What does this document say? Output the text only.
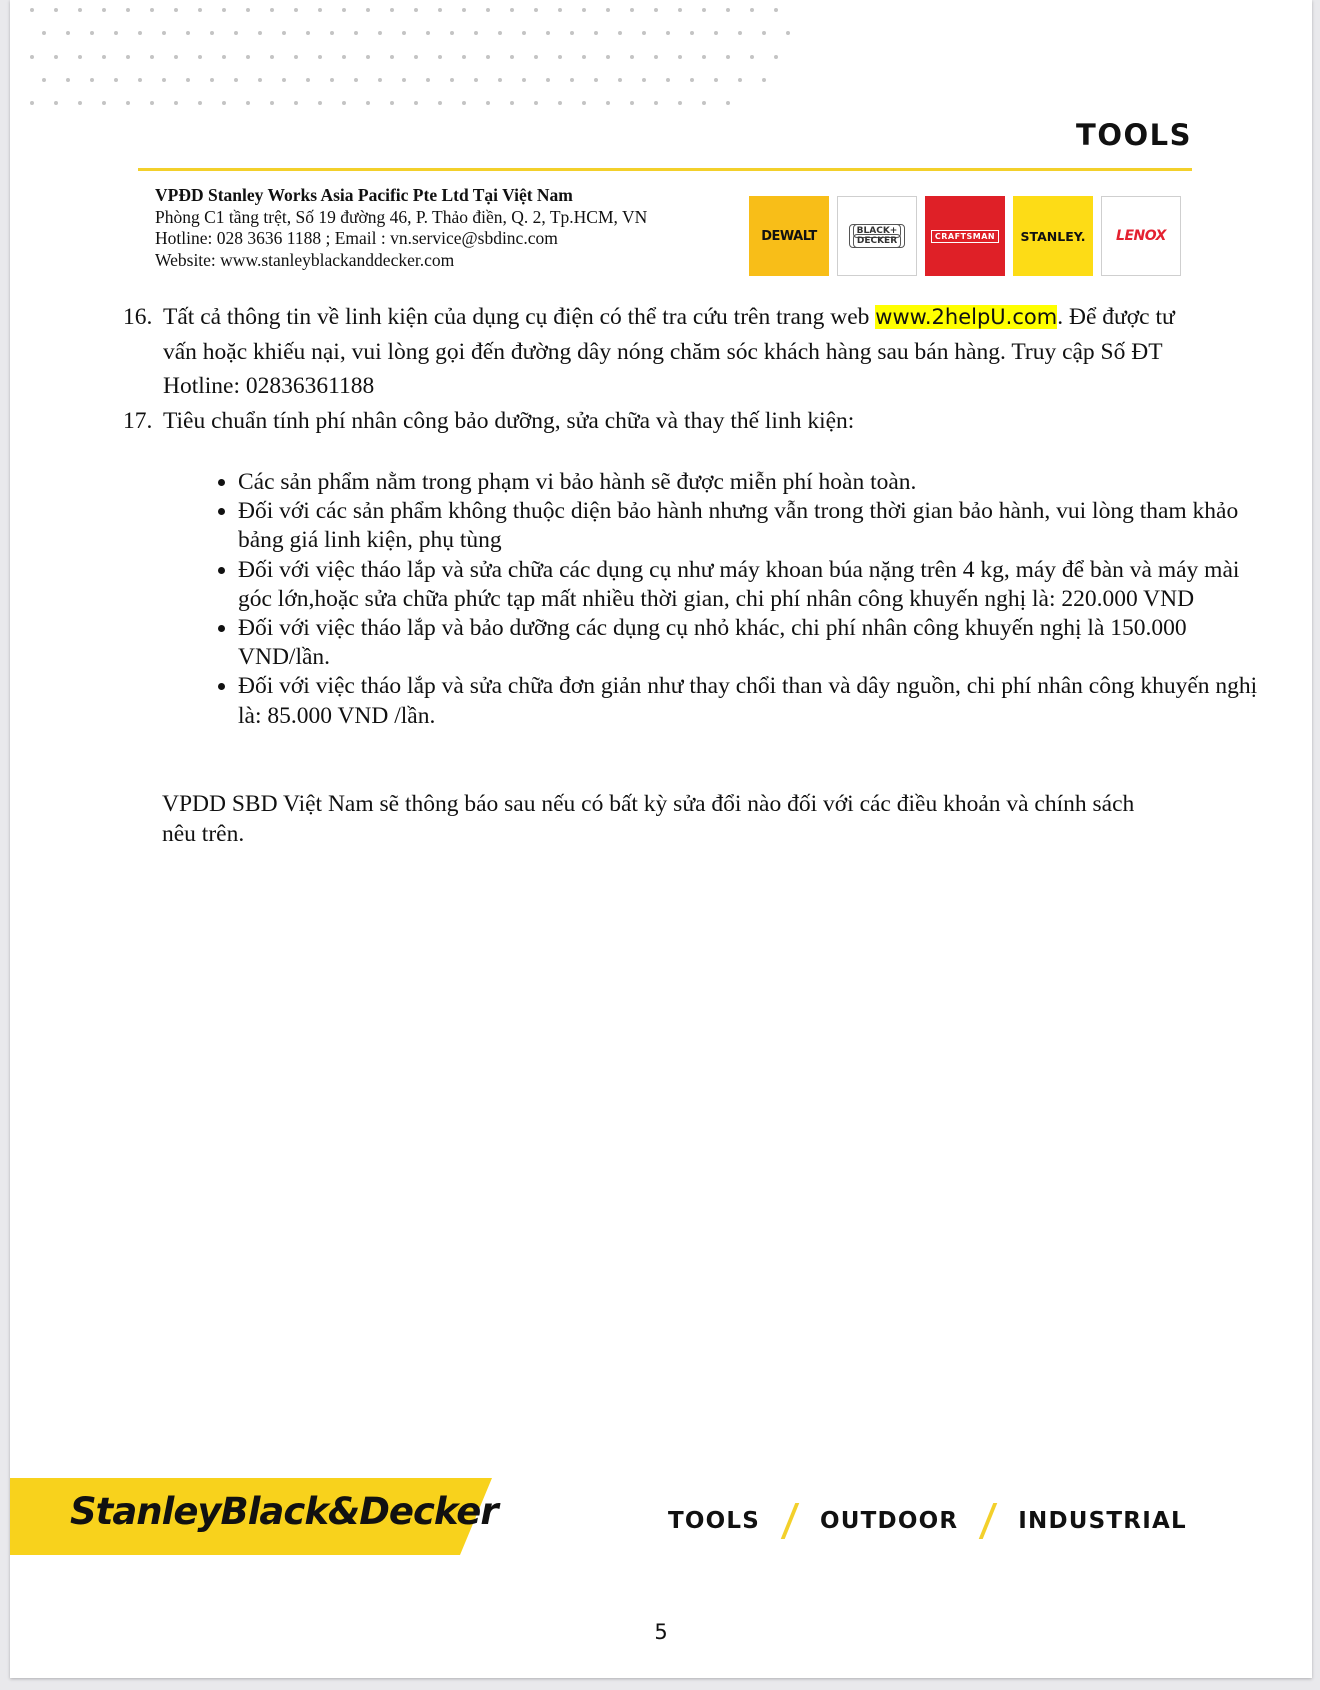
TOOLS
VPĐD Stanley Works Asia Pacific Pte Ltd Tại Việt Nam
Phòng C1 tầng trệt, Số 19 đường 46, P. Thảo điền, Q. 2, Tp.HCM, VN
Hotline: 028 3636 1188 ; Email : vn.service@sbdinc.com
Website: www.stanleyblackanddecker.com
DEWALT	BLACK+
DECKER	CRAFTSMAN	STANLEY. LENOX
16. Tất cả thông tin về linh kiện của dụng cụ điện có thể tra cứu trên trang web www.2helpU.com. Để được tư vấn hoặc khiếu nại, vui lòng gọi đến đường dây nóng chăm sóc khách hàng sau bán hàng. Truy cập Số ĐT Hotline: 02836361188
17. Tiêu chuẩn tính phí nhân công bảo dưỡng, sửa chữa và thay thế linh kiện:
• Các sản phẩm nằm trong phạm vi bảo hành sẽ được miễn phí hoàn toàn.
• Đối với các sản phẩm không thuộc diện bảo hành nhưng vẫn trong thời gian bảo hành, vui lòng tham khảo bảng giá linh kiện, phụ tùng
• Đối với việc tháo lắp và sửa chữa các dụng cụ như máy khoan búa nặng trên 4 kg, máy để bàn và máy mài góc lớn,hoặc sửa chữa phức tạp mất nhiều thời gian, chi phí nhân công khuyến nghị là: 220.000 VND
• Đối với việc tháo lắp và bảo dưỡng các dụng cụ nhỏ khác, chi phí nhân công khuyến nghị là 150.000 VND/lần.
• Đối với việc tháo lắp và sửa chữa đơn giản như thay chổi than và dây nguồn, chi phí nhân công khuyến nghị là: 85.000 VND /lần.
VPDD SBD Việt Nam sẽ thông báo sau nếu có bất kỳ sửa đổi nào đối với các điều khoản và chính sách nêu trên.
StanleyBlack&Decker	TOOLS	OUTDOOR	INDUSTRIAL
5
